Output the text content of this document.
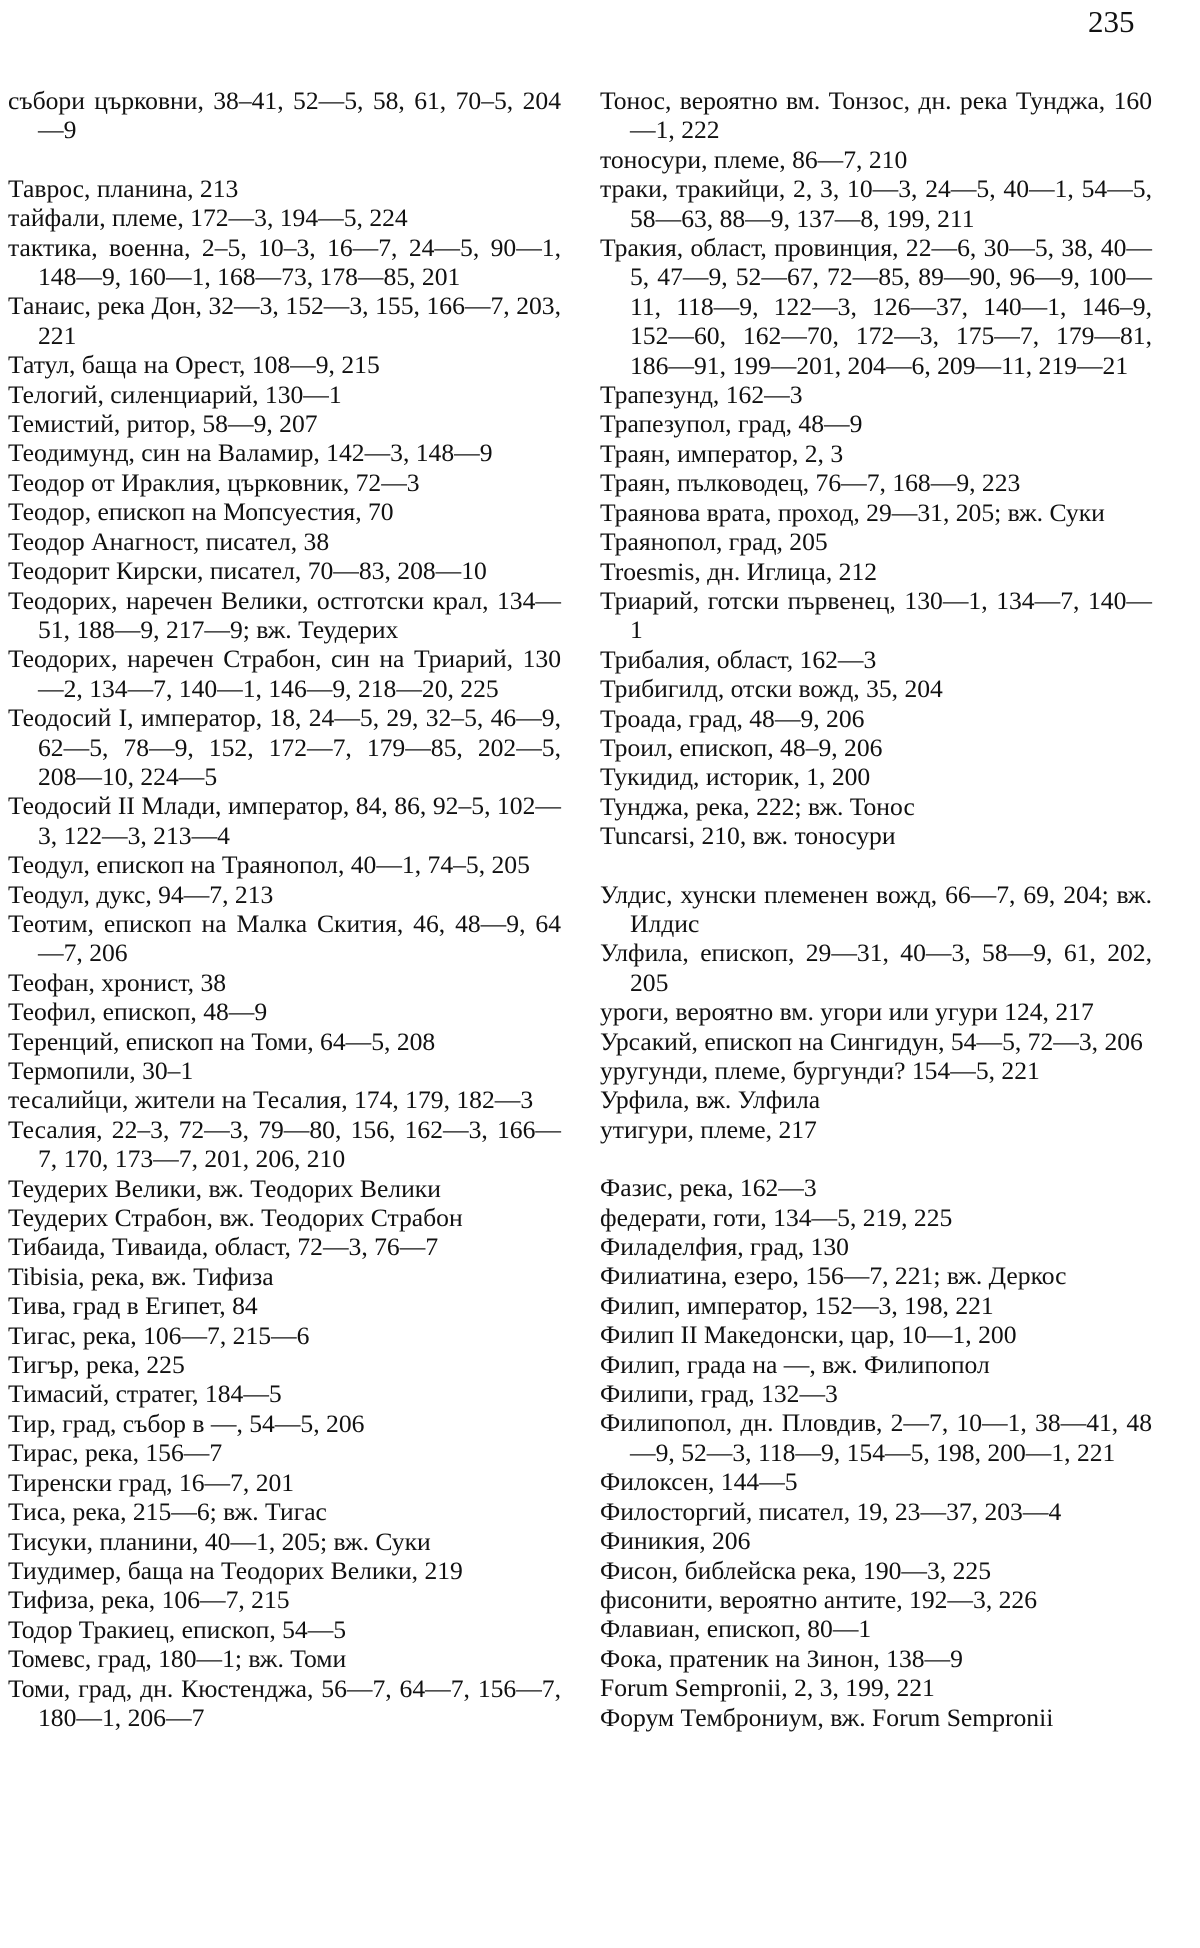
235
събори църковни, 38–41, 52—5, 58, 61, 70–5, 204—9
Таврос, планина, 213
тайфали, племе, 172—3, 194—5, 224
тактика, военна, 2–5, 10–3, 16—7, 24—5, 90—1, 148—9, 160—1, 168—73, 178—85, 201
Танаис, река Дон, 32—3, 152—3, 155, 166—7, 203, 221
Татул, баща на Орест, 108—9, 215
Телогий, силенциарий, 130—1
Темистий, ритор, 58—9, 207
Теодимунд, син на Валамир, 142—3, 148—9
Теодор от Ираклия, църковник, 72—3
Теодор, епископ на Мопсуестия, 70
Теодор Анагност, писател, 38
Теодорит Кирски, писател, 70—83, 208—10
Теодорих, наречен Велики, остготски крал, 134—51, 188—9, 217—9; вж. Теудерих
Теодорих, наречен Страбон, син на Триарий, 130—2, 134—7, 140—1, 146—9, 218—20, 225
Теодосий I, император, 18, 24—5, 29, 32–5, 46—9, 62—5, 78—9, 152, 172—7, 179—85, 202—5, 208—10, 224—5
Теодосий II Млади, император, 84, 86, 92–5, 102—3, 122—3, 213—4
Теодул, епископ на Траянопол, 40—1, 74–5, 205
Теодул, дукс, 94—7, 213
Теотим, епископ на Малка Скития, 46, 48—9, 64—7, 206
Теофан, хронист, 38
Теофил, епископ, 48—9
Теренций, епископ на Томи, 64—5, 208
Термопили, 30–1
тесалийци, жители на Тесалия, 174, 179, 182—3
Тесалия, 22–3, 72—3, 79—80, 156, 162—3, 166—7, 170, 173—7, 201, 206, 210
Теудерих Велики, вж. Теодорих Велики
Теудерих Страбон, вж. Теодорих Страбон
Тибаида, Тиваида, област, 72—3, 76—7
Tibisia, река, вж. Тифиза
Тива, град в Египет, 84
Тигас, река, 106—7, 215—6
Тигър, река, 225
Тимасий, стратег, 184—5
Тир, град, събор в —, 54—5, 206
Тирас, река, 156—7
Тиренски град, 16—7, 201
Тиса, река, 215—6; вж. Тигас
Тисуки, планини, 40—1, 205; вж. Суки
Тиудимер, баща на Теодорих Велики, 219
Тифиза, река, 106—7, 215
Тодор Тракиец, епископ, 54—5
Томевс, град, 180—1; вж. Томи
Томи, град, дн. Кюстенджа, 56—7, 64—7, 156—7, 180—1, 206—7
Тонос, вероятно вм. Тонзос, дн. река Тунджа, 160—1, 222
тоносури, племе, 86—7, 210
траки, тракийци, 2, 3, 10—3, 24—5, 40—1, 54—5, 58—63, 88—9, 137—8, 199, 211
Тракия, област, провинция, 22—6, 30—5, 38, 40—5, 47—9, 52—67, 72—85, 89—90, 96—9, 100—11, 118—9, 122—3, 126—37, 140—1, 146–9, 152—60, 162—70, 172—3, 175—7, 179—81, 186—91, 199—201, 204—6, 209—11, 219—21
Трапезунд, 162—3
Трапезупол, град, 48—9
Траян, император, 2, 3
Траян, пълководец, 76—7, 168—9, 223
Траянова врата, проход, 29—31, 205; вж. Суки
Траянопол, град, 205
Troesmis, дн. Иглица, 212
Триарий, готски първенец, 130—1, 134—7, 140—1
Трибалия, област, 162—3
Трибигилд, отски вожд, 35, 204
Троада, град, 48—9, 206
Троил, епископ, 48–9, 206
Тукидид, историк, 1, 200
Тунджа, река, 222; вж. Тонос
Tuncarsi, 210, вж. тоносури
Улдис, хунски племенен вожд, 66—7, 69, 204; вж. Илдис
Улфила, епископ, 29—31, 40—3, 58—9, 61, 202, 205
уроги, вероятно вм. угори или угури 124, 217
Урсакий, епископ на Сингидун, 54—5, 72—3, 206
уругунди, племе, бургунди? 154—5, 221
Урфила, вж. Улфила
утигури, племе, 217
Фазис, река, 162—3
федерати, готи, 134—5, 219, 225
Филаделфия, град, 130
Филиатина, езеро, 156—7, 221; вж. Деркос
Филип, император, 152—3, 198, 221
Филип II Македонски, цар, 10—1, 200
Филип, града на —, вж. Филипопол
Филипи, град, 132—3
Филипопол, дн. Пловдив, 2—7, 10—1, 38—41, 48—9, 52—3, 118—9, 154—5, 198, 200—1, 221
Филоксен, 144—5
Филосторгий, писател, 19, 23—37, 203—4
Финикия, 206
Фисон, библейска река, 190—3, 225
фисонити, вероятно антите, 192—3, 226
Флавиан, епископ, 80—1
Фока, пратеник на Зинон, 138—9
Forum Sempronii, 2, 3, 199, 221
Форум Темброниум, вж. Forum Sempronii
